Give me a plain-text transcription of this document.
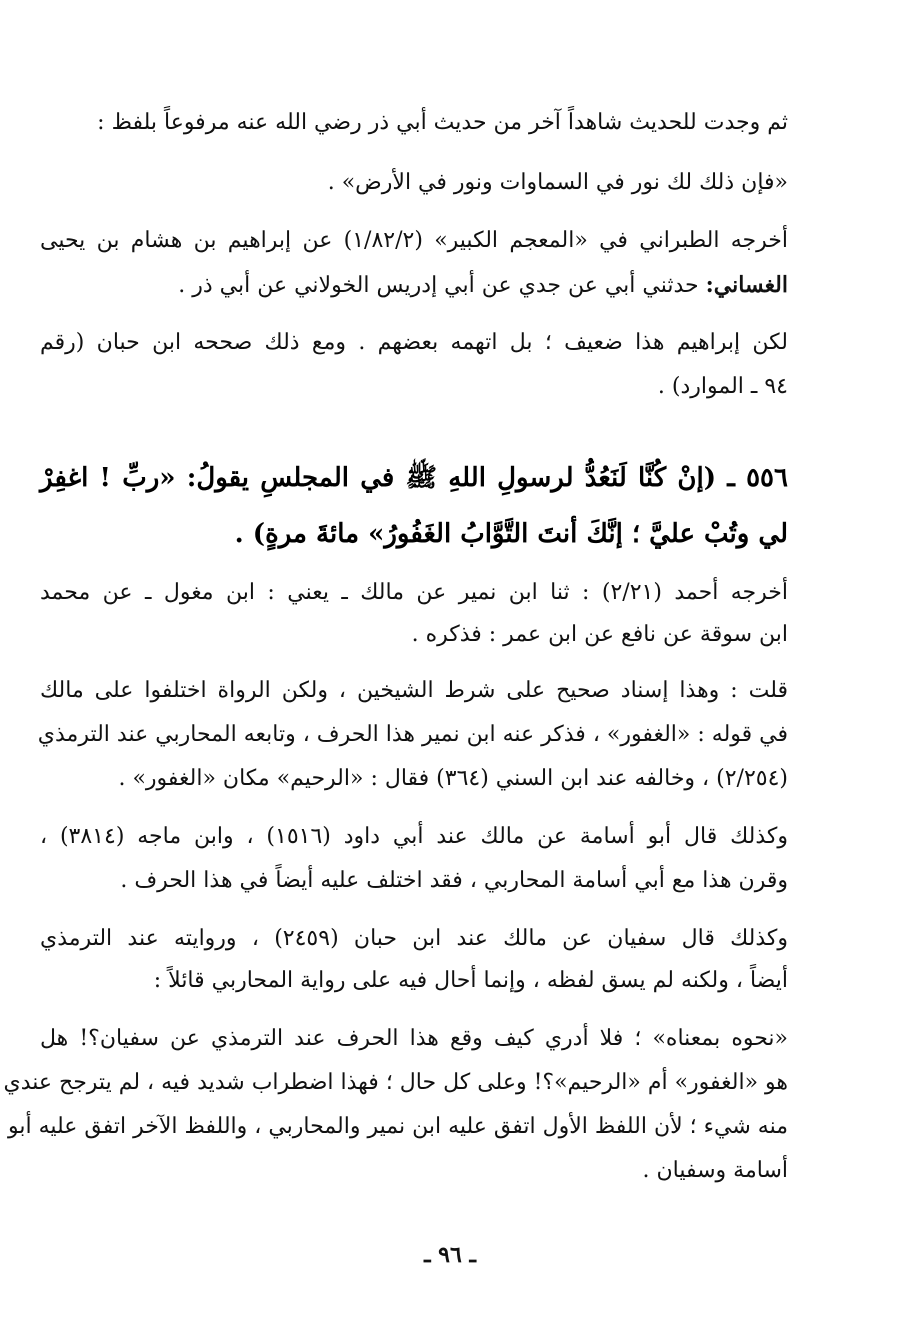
ثم وجدت للحديث شاهداً آخر من حديث أبي ذر رضي الله عنه مرفوعاً بلفظ :
«فإن ذلك لك نور في السماوات ونور في الأرض» .
أخرجه الطبراني في «المعجم الكبير» (١/٨٢/٢) عن إبراهيم بن هشام بن يحيى
الغساني: حدثني أبي عن جدي عن أبي إدريس الخولاني عن أبي ذر .
لكن إبراهيم هذا ضعيف ؛ بل اتهمه بعضهم . ومع ذلك صححه ابن حبان (رقم
٩٤ ـ الموارد) .
٥٥٦ ـ (إنْ كُنَّا لَنَعُدُّ لرسولِ اللهِ ﷺ في المجلسِ يقولُ: «ربِّ ! اغفِرْ
لي وتُبْ عليَّ ؛ إنَّكَ أنتَ التَّوَّابُ الغَفُورُ» مائةَ مرةٍ) .
أخرجه أحمد (٢/٢١) : ثنا ابن نمير عن مالك ـ يعني : ابن مغول ـ عن محمد
ابن سوقة عن نافع عن ابن عمر : فذكره .
قلت : وهذا إسناد صحيح على شرط الشيخين ، ولكن الرواة اختلفوا على مالك
في قوله : «الغفور» ، فذكر عنه ابن نمير هذا الحرف ، وتابعه المحاربي عند الترمذي
(٢/٢٥٤) ، وخالفه عند ابن السني (٣٦٤) فقال : «الرحيم» مكان «الغفور» .
وكذلك قال أبو أسامة عن مالك عند أبي داود (١٥١٦) ، وابن ماجه (٣٨١٤) ،
وقرن هذا مع أبي أسامة المحاربي ، فقد اختلف عليه أيضاً في هذا الحرف .
وكذلك قال سفيان عن مالك عند ابن حبان (٢٤٥٩) ، وروايته عند الترمذي
أيضاً ، ولكنه لم يسق لفظه ، وإنما أحال فيه على رواية المحاربي قائلاً :
«نحوه بمعناه» ؛ فلا أدري كيف وقع هذا الحرف عند الترمذي عن سفيان؟! هل
هو «الغفور» أم «الرحيم»؟! وعلى كل حال ؛ فهذا اضطراب شديد فيه ، لم يترجح عندي
منه شيء ؛ لأن اللفظ الأول اتفق عليه ابن نمير والمحاربي ، واللفظ الآخر اتفق عليه أبو
أسامة وسفيان .
ـ ٩٦ ـ
